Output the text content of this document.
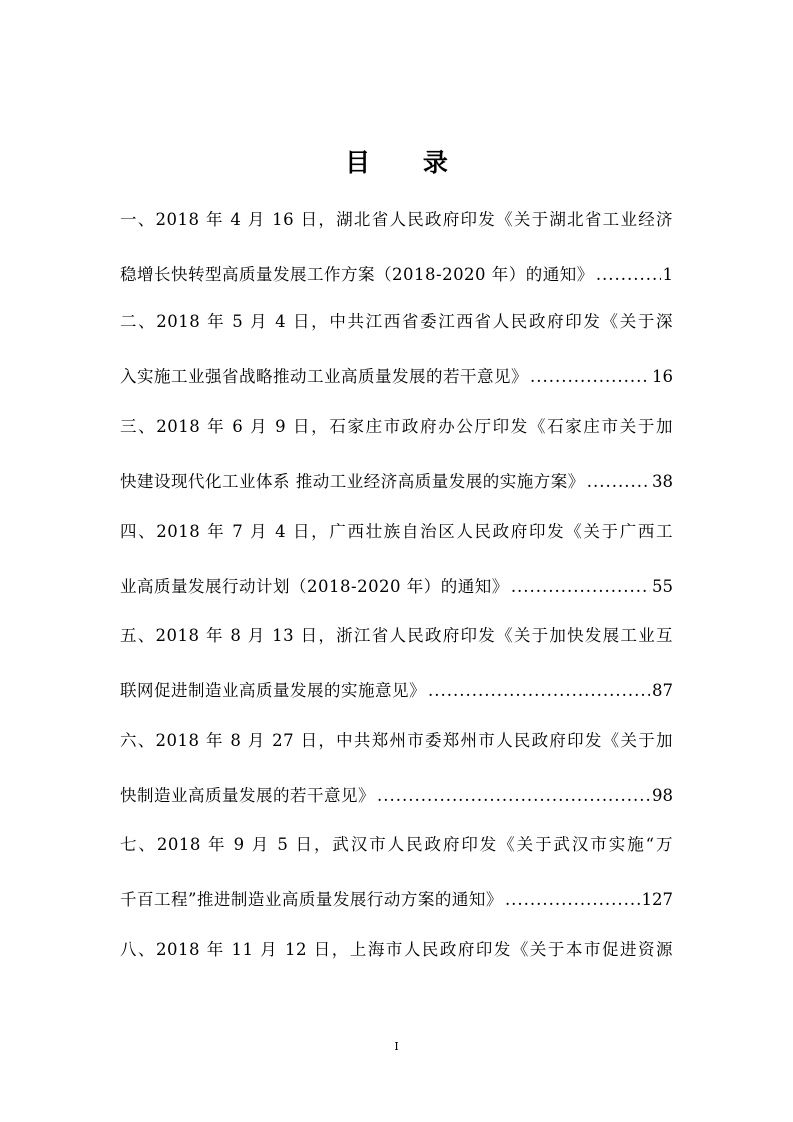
目 录
一、2018 年 4 月 16 日，湖北省人民政府印发《关于湖北省工业经济
稳增长快转型高质量发展工作方案（2018-2020 年）的通知》 .....	1
二、2018 年 5 月 4 日，中共江西省委江西省人民政府印发《关于深
入实施工业强省战略推动工业高质量发展的若干意见》 .....	16
三、2018 年 6 月 9 日，石家庄市政府办公厅印发《石家庄市关于加
快建设现代化工业体系 推动工业经济高质量发展的实施方案》 .....	38
四、2018 年 7 月 4 日，广西壮族自治区人民政府印发《关于广西工
业高质量发展行动计划（2018-2020 年）的通知》 .....	55
五、2018 年 8 月 13 日，浙江省人民政府印发《关于加快发展工业互
联网促进制造业高质量发展的实施意见》 .....	87
六、2018 年 8 月 27 日，中共郑州市委郑州市人民政府印发《关于加
快制造业高质量发展的若干意见》 .....	98
七、2018 年 9 月 5 日，武汉市人民政府印发《关于武汉市实施“万
千百工程”推进制造业高质量发展行动方案的通知》 .....	127
八、2018 年 11 月 12 日，上海市人民政府印发《关于本市促进资源
I
